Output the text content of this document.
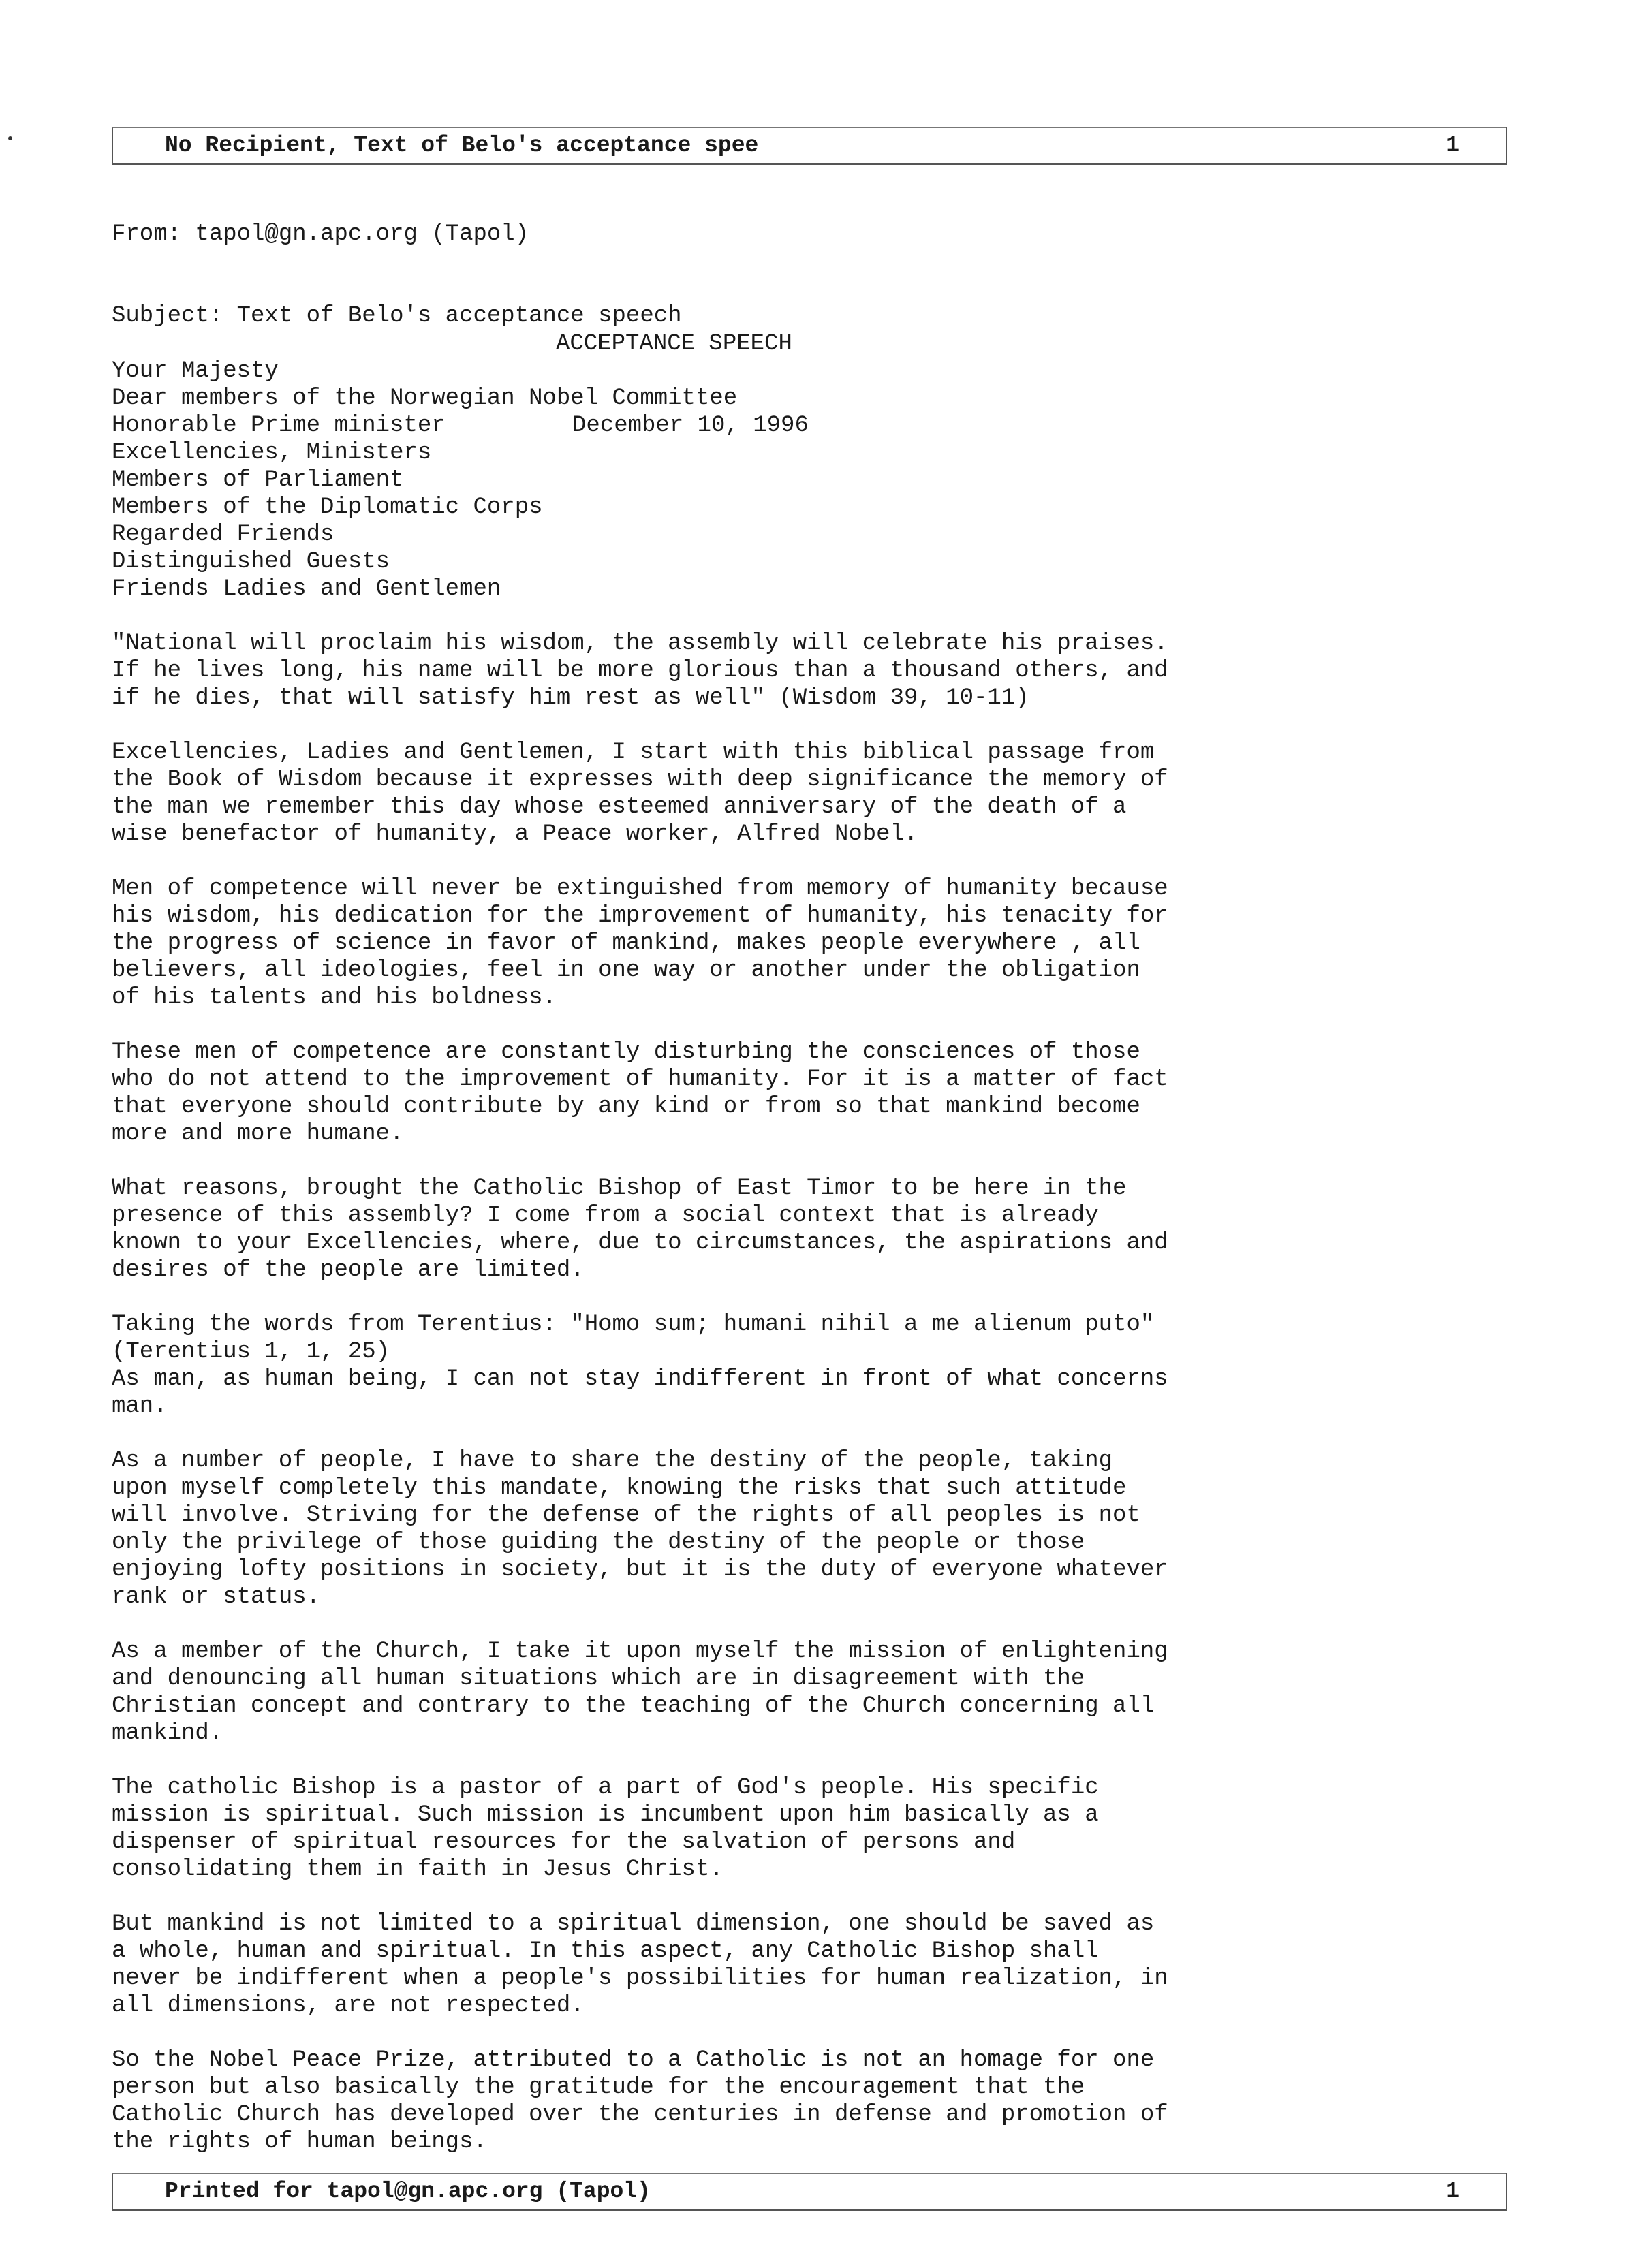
No Recipient, Text of Belo's acceptance spee	1

From: tapol@gn.apc.org (Tapol)

Subject: Text of Belo's acceptance speech

ACCEPTANCE SPEECH

December 10, 1996

Your Majesty
Dear members of the Norwegian Nobel Committee
Honorable Prime minister
Excellencies, Ministers
Members of Parliament
Members of the Diplomatic Corps
Regarded Friends
Distinguished Guests
Friends Ladies and Gentlemen

"National will proclaim his wisdom, the assembly will celebrate his praises.
If he lives long, his name will be more glorious than a thousand others, and
if he dies, that will satisfy him rest as well" (Wisdom 39, 10-11)

Excellencies, Ladies and Gentlemen, I start with this biblical passage from
the Book of Wisdom because it expresses with deep significance the memory of
the man we remember this day whose esteemed anniversary of the death of a
wise benefactor of humanity, a Peace worker, Alfred Nobel.

Men of competence will never be extinguished from memory of humanity because
his wisdom, his dedication for the improvement of humanity, his tenacity for
the progress of science in favor of mankind, makes people everywhere , all
believers, all ideologies, feel in one way or another under the obligation
of his talents and his boldness.

These men of competence are constantly disturbing the consciences of those
who do not attend to the improvement of humanity. For it is a matter of fact
that everyone should contribute by any kind or from so that mankind become
more and more humane.

What reasons, brought the Catholic Bishop of East Timor to be here in the
presence of this assembly? I come from a social context that is already
known to your Excellencies, where, due to circumstances, the aspirations and
desires of the people are limited.

Taking the words from Terentius: "Homo sum; humani nihil a me alienum puto"
(Terentius 1, 1, 25)
As man, as human being, I can not stay indifferent in front of what concerns
man.

As a number of people, I have to share the destiny of the people, taking
upon myself completely this mandate, knowing the risks that such attitude
will involve. Striving for the defense of the rights of all peoples is not
only the privilege of those guiding the destiny of the people or those
enjoying lofty positions in society, but it is the duty of everyone whatever
rank or status.

As a member of the Church, I take it upon myself the mission of enlightening
and denouncing all human situations which are in disagreement with the
Christian concept and contrary to the teaching of the Church concerning all
mankind.

The catholic Bishop is a pastor of a part of God's people. His specific
mission is spiritual. Such mission is incumbent upon him basically as a
dispenser of spiritual resources for the salvation of persons and
consolidating them in faith in Jesus Christ.

But mankind is not limited to a spiritual dimension, one should be saved as
a whole, human and spiritual. In this aspect, any Catholic Bishop shall
never be indifferent when a people's possibilities for human realization, in
all dimensions, are not respected.

So the Nobel Peace Prize, attributed to a Catholic is not an homage for one
person but also basically the gratitude for the encouragement that the
Catholic Church has developed over the centuries in defense and promotion of
the rights of human beings.

Printed for tapol@gn.apc.org (Tapol)	1
